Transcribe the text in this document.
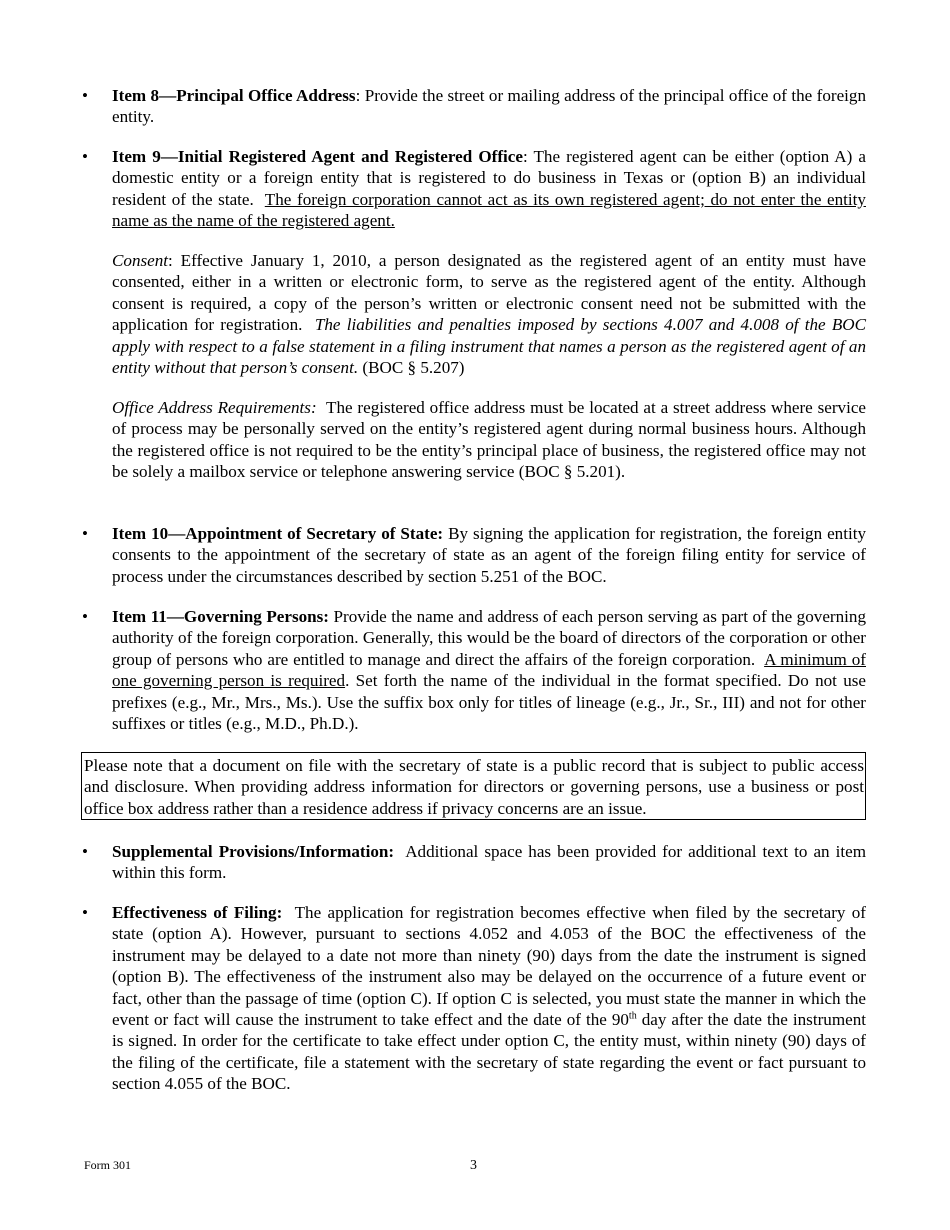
• Item 8—Principal Office Address: Provide the street or mailing address of the principal office of the foreign entity.

• Item 9—Initial Registered Agent and Registered Office: The registered agent can be either (option A) a domestic entity or a foreign entity that is registered to do business in Texas or (option B) an individual resident of the state. The foreign corporation cannot act as its own registered agent; do not enter the entity name as the name of the registered agent.

Consent: Effective January 1, 2010, a person designated as the registered agent of an entity must have consented, either in a written or electronic form, to serve as the registered agent of the entity. Although consent is required, a copy of the person’s written or electronic consent need not be submitted with the application for registration. The liabilities and penalties imposed by sections 4.007 and 4.008 of the BOC apply with respect to a false statement in a filing instrument that names a person as the registered agent of an entity without that person’s consent. (BOC § 5.207)

Office Address Requirements: The registered office address must be located at a street address where service of process may be personally served on the entity’s registered agent during normal business hours. Although the registered office is not required to be the entity’s principal place of business, the registered office may not be solely a mailbox service or telephone answering service (BOC § 5.201).

• Item 10—Appointment of Secretary of State: By signing the application for registration, the foreign entity consents to the appointment of the secretary of state as an agent of the foreign filing entity for service of process under the circumstances described by section 5.251 of the BOC.

• Item 11—Governing Persons: Provide the name and address of each person serving as part of the governing authority of the foreign corporation. Generally, this would be the board of directors of the corporation or other group of persons who are entitled to manage and direct the affairs of the foreign corporation. A minimum of one governing person is required. Set forth the name of the individual in the format specified. Do not use prefixes (e.g., Mr., Mrs., Ms.). Use the suffix box only for titles of lineage (e.g., Jr., Sr., III) and not for other suffixes or titles (e.g., M.D., Ph.D.).

Please note that a document on file with the secretary of state is a public record that is subject to public access and disclosure. When providing address information for directors or governing persons, use a business or post office box address rather than a residence address if privacy concerns are an issue.
• Supplemental Provisions/Information: Additional space has been provided for additional text to an item within this form.

• Effectiveness of Filing: The application for registration becomes effective when filed by the secretary of state (option A). However, pursuant to sections 4.052 and 4.053 of the BOC the effectiveness of the instrument may be delayed to a date not more than ninety (90) days from the date the instrument is signed (option B). The effectiveness of the instrument also may be delayed on the occurrence of a future event or fact, other than the passage of time (option C). If option C is selected, you must state the manner in which the event or fact will cause the instrument to take effect and the date of the 90th day after the date the instrument is signed. In order for the certificate to take effect under option C, the entity must, within ninety (90) days of the filing of the certificate, file a statement with the secretary of state regarding the event or fact pursuant to section 4.055 of the BOC.

Form 301	3
